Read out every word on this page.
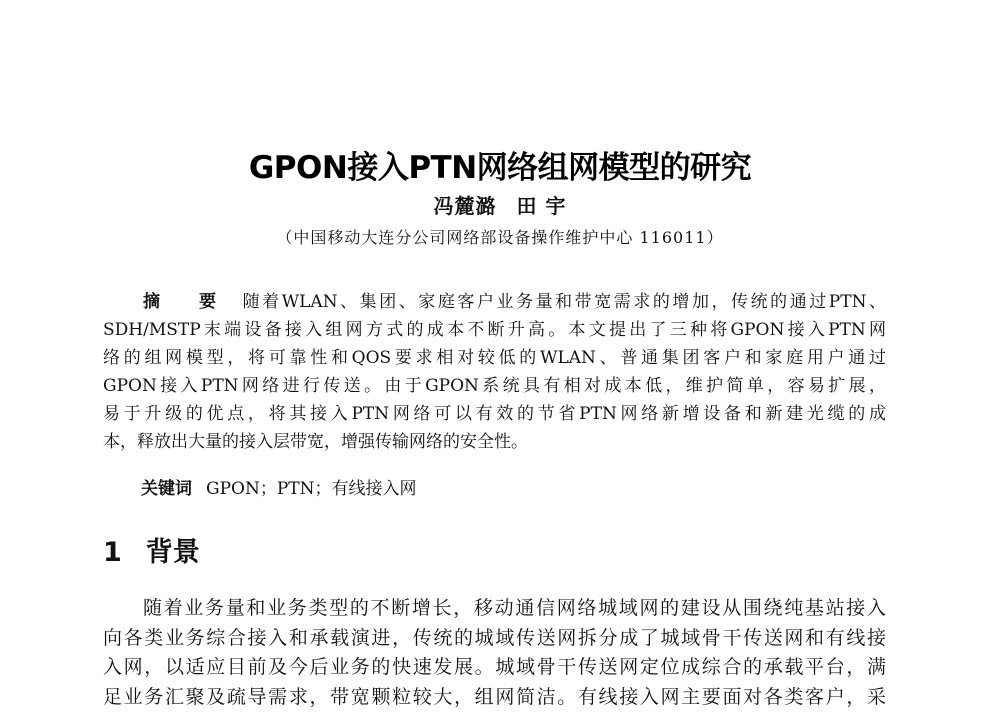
GPON接入PTN网络组网模型的研究
冯麓潞 田 宇
（中国移动大连分公司网络部设备操作维护中心 116011）
摘 要 随着WLAN、集团、家庭客户业务量和带宽需求的增加，传统的通过PTN、
SDH/MSTP末端设备接入组网方式的成本不断升高。本文提出了三种将GPON接入PTN网
络的组网模型，将可靠性和QOS要求相对较低的WLAN、普通集团客户和家庭用户通过
GPON接入PTN网络进行传送。由于GPON系统具有相对成本低，维护简单，容易扩展，
易于升级的优点，将其接入PTN网络可以有效的节省PTN网络新增设备和新建光缆的成
本，释放出大量的接入层带宽，增强传输网络的安全性。
关键词 GPON；PTN；有线接入网
1 背景
随着业务量和业务类型的不断增长，移动通信网络城域网的建设从围绕纯基站接入
向各类业务综合接入和承载演进，传统的城域传送网拆分成了城域骨干传送网和有线接
入网，以适应目前及今后业务的快速发展。城域骨干传送网定位成综合的承载平台，满
足业务汇聚及疏导需求，带宽颗粒较大，组网简洁。有线接入网主要面对各类客户，采
